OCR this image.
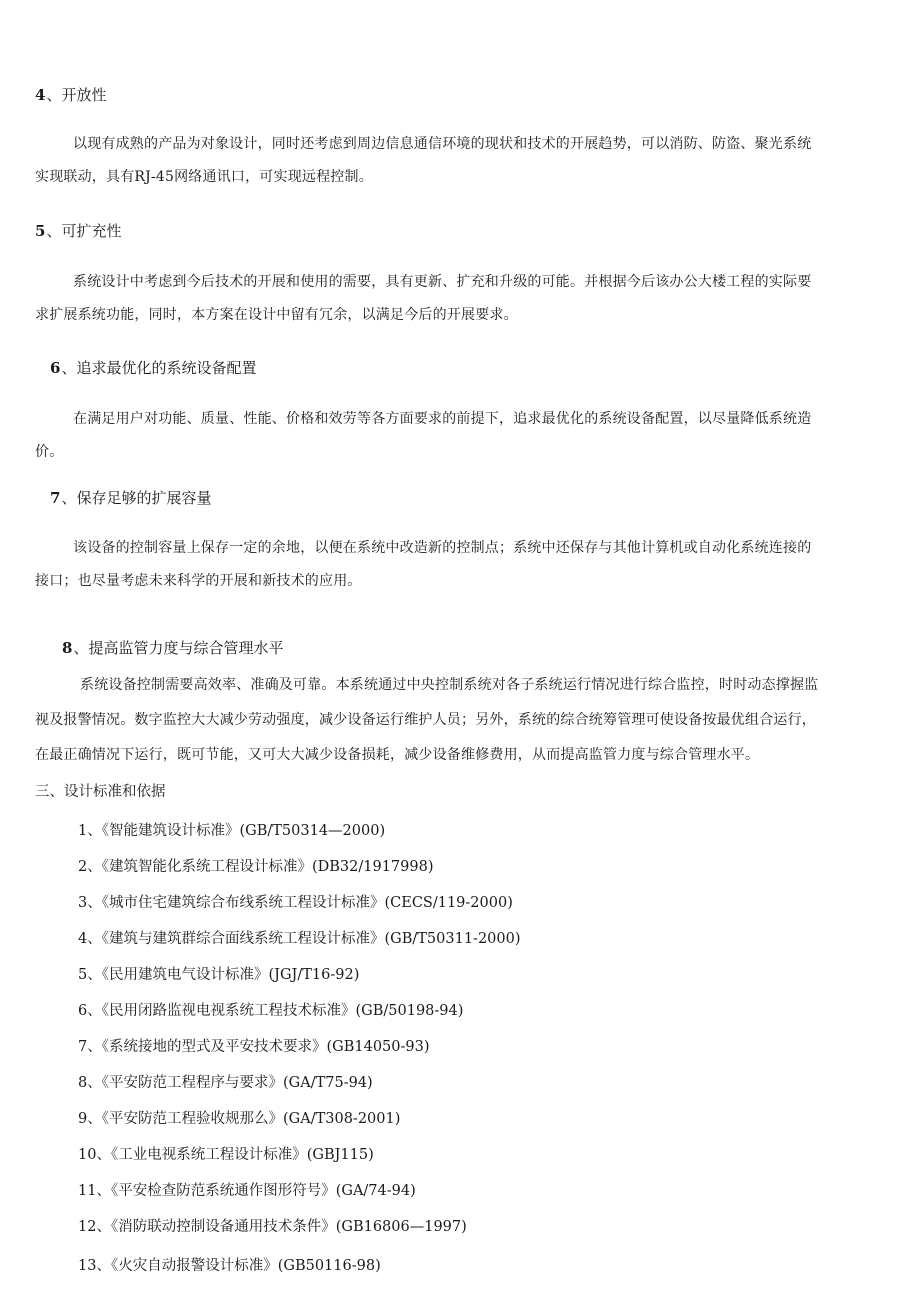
4、开放性
以现有成熟的产品为对象设计，同时还考虑到周边信息通信环境的现状和技术的开展趋势，可以消防、防盗、聚光系统
实现联动，具有RJ-45网络通讯口，可实现远程控制。
5、可扩充性
系统设计中考虑到今后技术的开展和使用的需要，具有更新、扩充和升级的可能。并根据今后该办公大楼工程的实际要
求扩展系统功能，同时，本方案在设计中留有冗余，以满足今后的开展要求。
6、追求最优化的系统设备配置
在满足用户对功能、质量、性能、价格和效劳等各方面要求的前提下，追求最优化的系统设备配置，以尽量降低系统造
价。
7、保存足够的扩展容量
该设备的控制容量上保存一定的余地，以便在系统中改造新的控制点；系统中还保存与其他计算机或自动化系统连接的
接口；也尽量考虑未来科学的开展和新技术的应用。
8、提高监管力度与综合管理水平
系统设备控制需要高效率、准确及可靠。本系统通过中央控制系统对各子系统运行情况进行综合监控，时时动态撑握监
视及报警情况。数字监控大大减少劳动强度，减少设备运行维护人员；另外，系统的综合统筹管理可使设备按最优组合运行，
在最正确情况下运行，既可节能，又可大大减少设备损耗，减少设备维修费用，从而提高监管力度与综合管理水平。
三、设计标准和依据
1、《智能建筑设计标准》(GB/T50314—2000)
2、《建筑智能化系统工程设计标准》(DB32/1917998)
3、《城市住宅建筑综合布线系统工程设计标准》(CECS/119-2000)
4、《建筑与建筑群综合面线系统工程设计标准》(GB/T50311-2000)
5、《民用建筑电气设计标准》(JGJ/T16-92)
6、《民用闭路监视电视系统工程技术标准》(GB/50198-94)
7、《系统接地的型式及平安技术要求》(GB14050-93)
8、《平安防范工程程序与要求》(GA/T75-94)
9、《平安防范工程验收规那么》(GA/T308-2001)
10、《工业电视系统工程设计标准》(GBJ115)
11、《平安检查防范系统通作图形符号》(GA/74-94)
12、《消防联动控制设备通用技术条件》(GB16806—1997)
13、《火灾自动报警设计标准》(GB50116-98)
